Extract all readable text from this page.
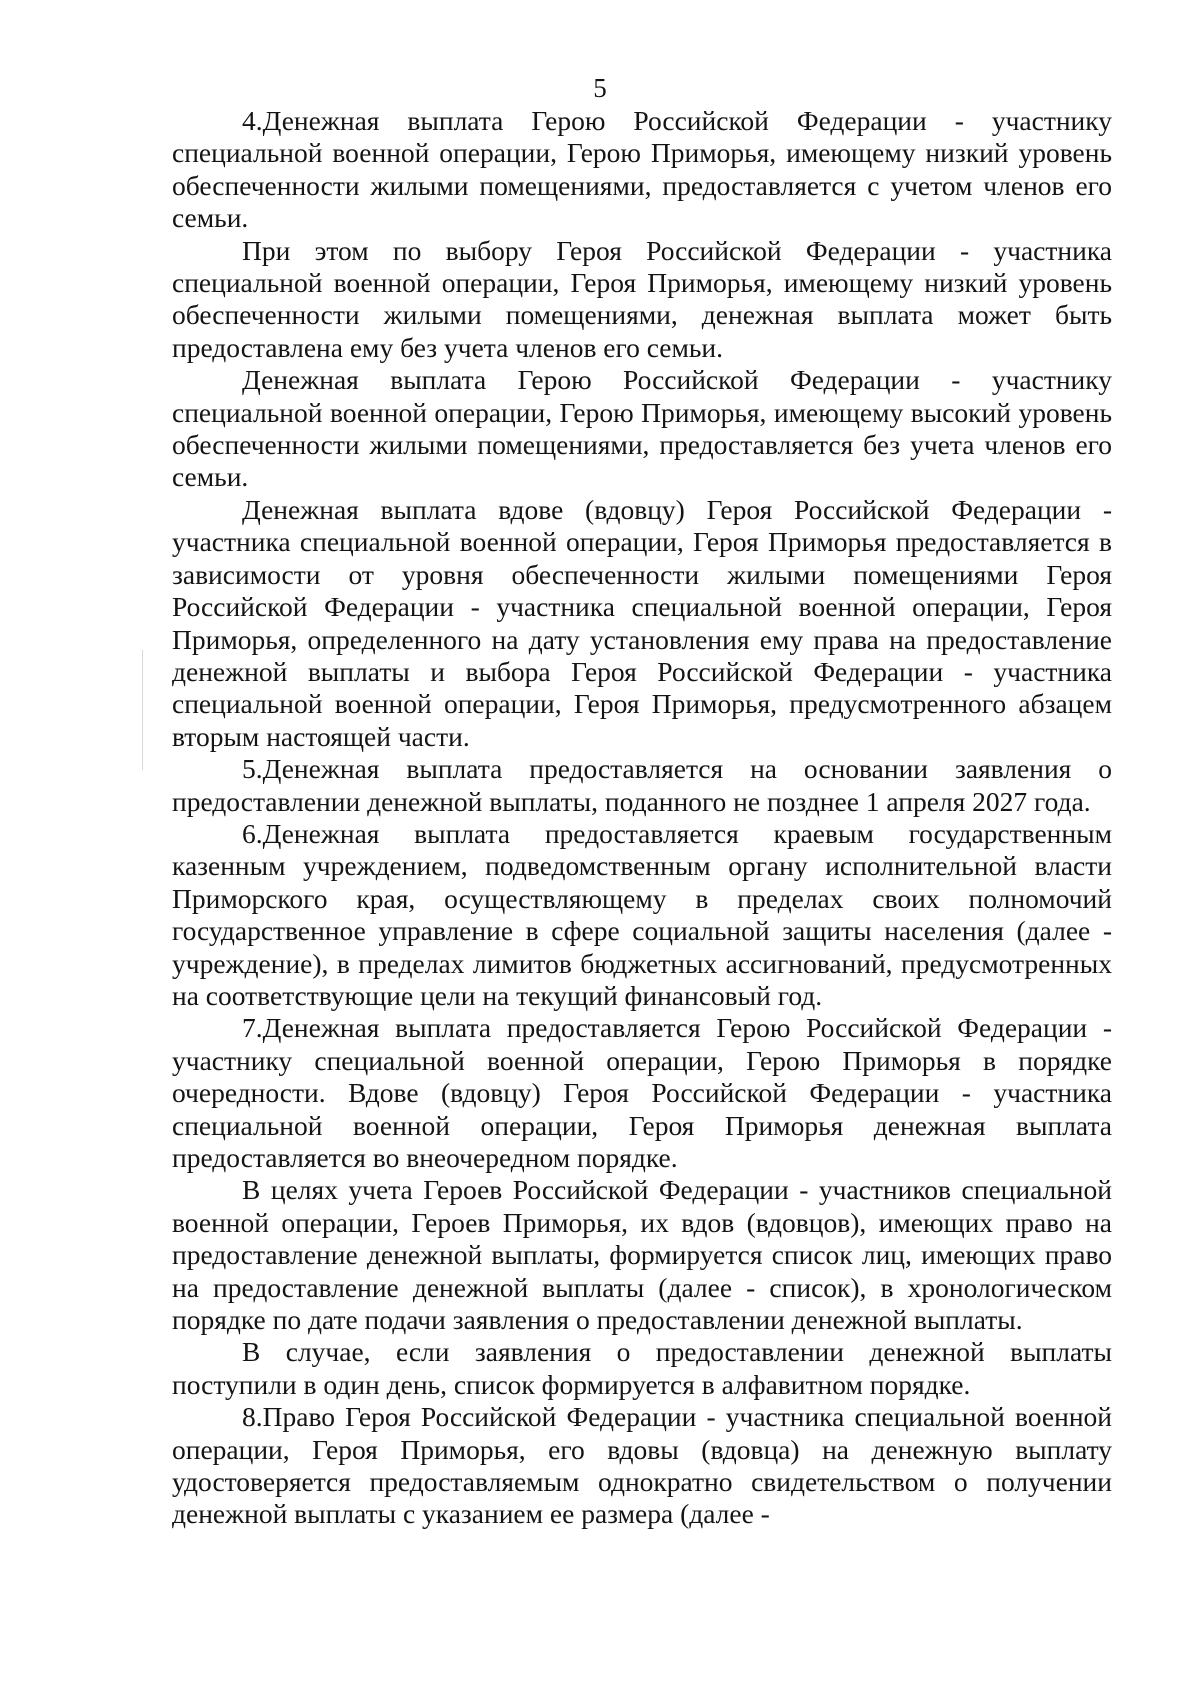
5

4.Денежная выплата Герою Российской Федерации - участнику специальной военной операции, Герою Приморья, имеющему низкий уровень обеспеченности жилыми помещениями, предоставляется с учетом членов его семьи.

При этом по выбору Героя Российской Федерации - участника специальной военной операции, Героя Приморья, имеющему низкий уровень обеспеченности жилыми помещениями, денежная выплата может быть предоставлена ему без учета членов его семьи.

Денежная выплата Герою Российской Федерации - участнику специальной военной операции, Герою Приморья, имеющему высокий уровень обеспеченности жилыми помещениями, предоставляется без учета членов его семьи.

Денежная выплата вдове (вдовцу) Героя Российской Федерации - участника специальной военной операции, Героя Приморья предоставляется в зависимости от уровня обеспеченности жилыми помещениями Героя Российской Федерации - участника специальной военной операции, Героя Приморья, определенного на дату установления ему права на предоставление денежной выплаты и выбора Героя Российской Федерации - участника специальной военной операции, Героя Приморья, предусмотренного абзацем вторым настоящей части.

5.Денежная выплата предоставляется на основании заявления о предоставлении денежной выплаты, поданного не позднее 1 апреля 2027 года.

6.Денежная выплата предоставляется краевым государственным казенным учреждением, подведомственным органу исполнительной власти Приморского края, осуществляющему в пределах своих полномочий государственное управление в сфере социальной защиты населения (далее - учреждение), в пределах лимитов бюджетных ассигнований, предусмотренных на соответствующие цели на текущий финансовый год.

7.Денежная выплата предоставляется Герою Российской Федерации - участнику специальной военной операции, Герою Приморья в порядке очередности. Вдове (вдовцу) Героя Российской Федерации - участника специальной военной операции, Героя Приморья денежная выплата предоставляется во внеочередном порядке.

В целях учета Героев Российской Федерации - участников специальной военной операции, Героев Приморья, их вдов (вдовцов), имеющих право на предоставление денежной выплаты, формируется список лиц, имеющих право на предоставление денежной выплаты (далее - список), в хронологическом порядке по дате подачи заявления о предоставлении денежной выплаты.

В случае, если заявления о предоставлении денежной выплаты поступили в один день, список формируется в алфавитном порядке.

8.Право Героя Российской Федерации - участника специальной военной операции, Героя Приморья, его вдовы (вдовца) на денежную выплату удостоверяется предоставляемым однократно свидетельством о получении денежной выплаты с указанием ее размера (далее -
